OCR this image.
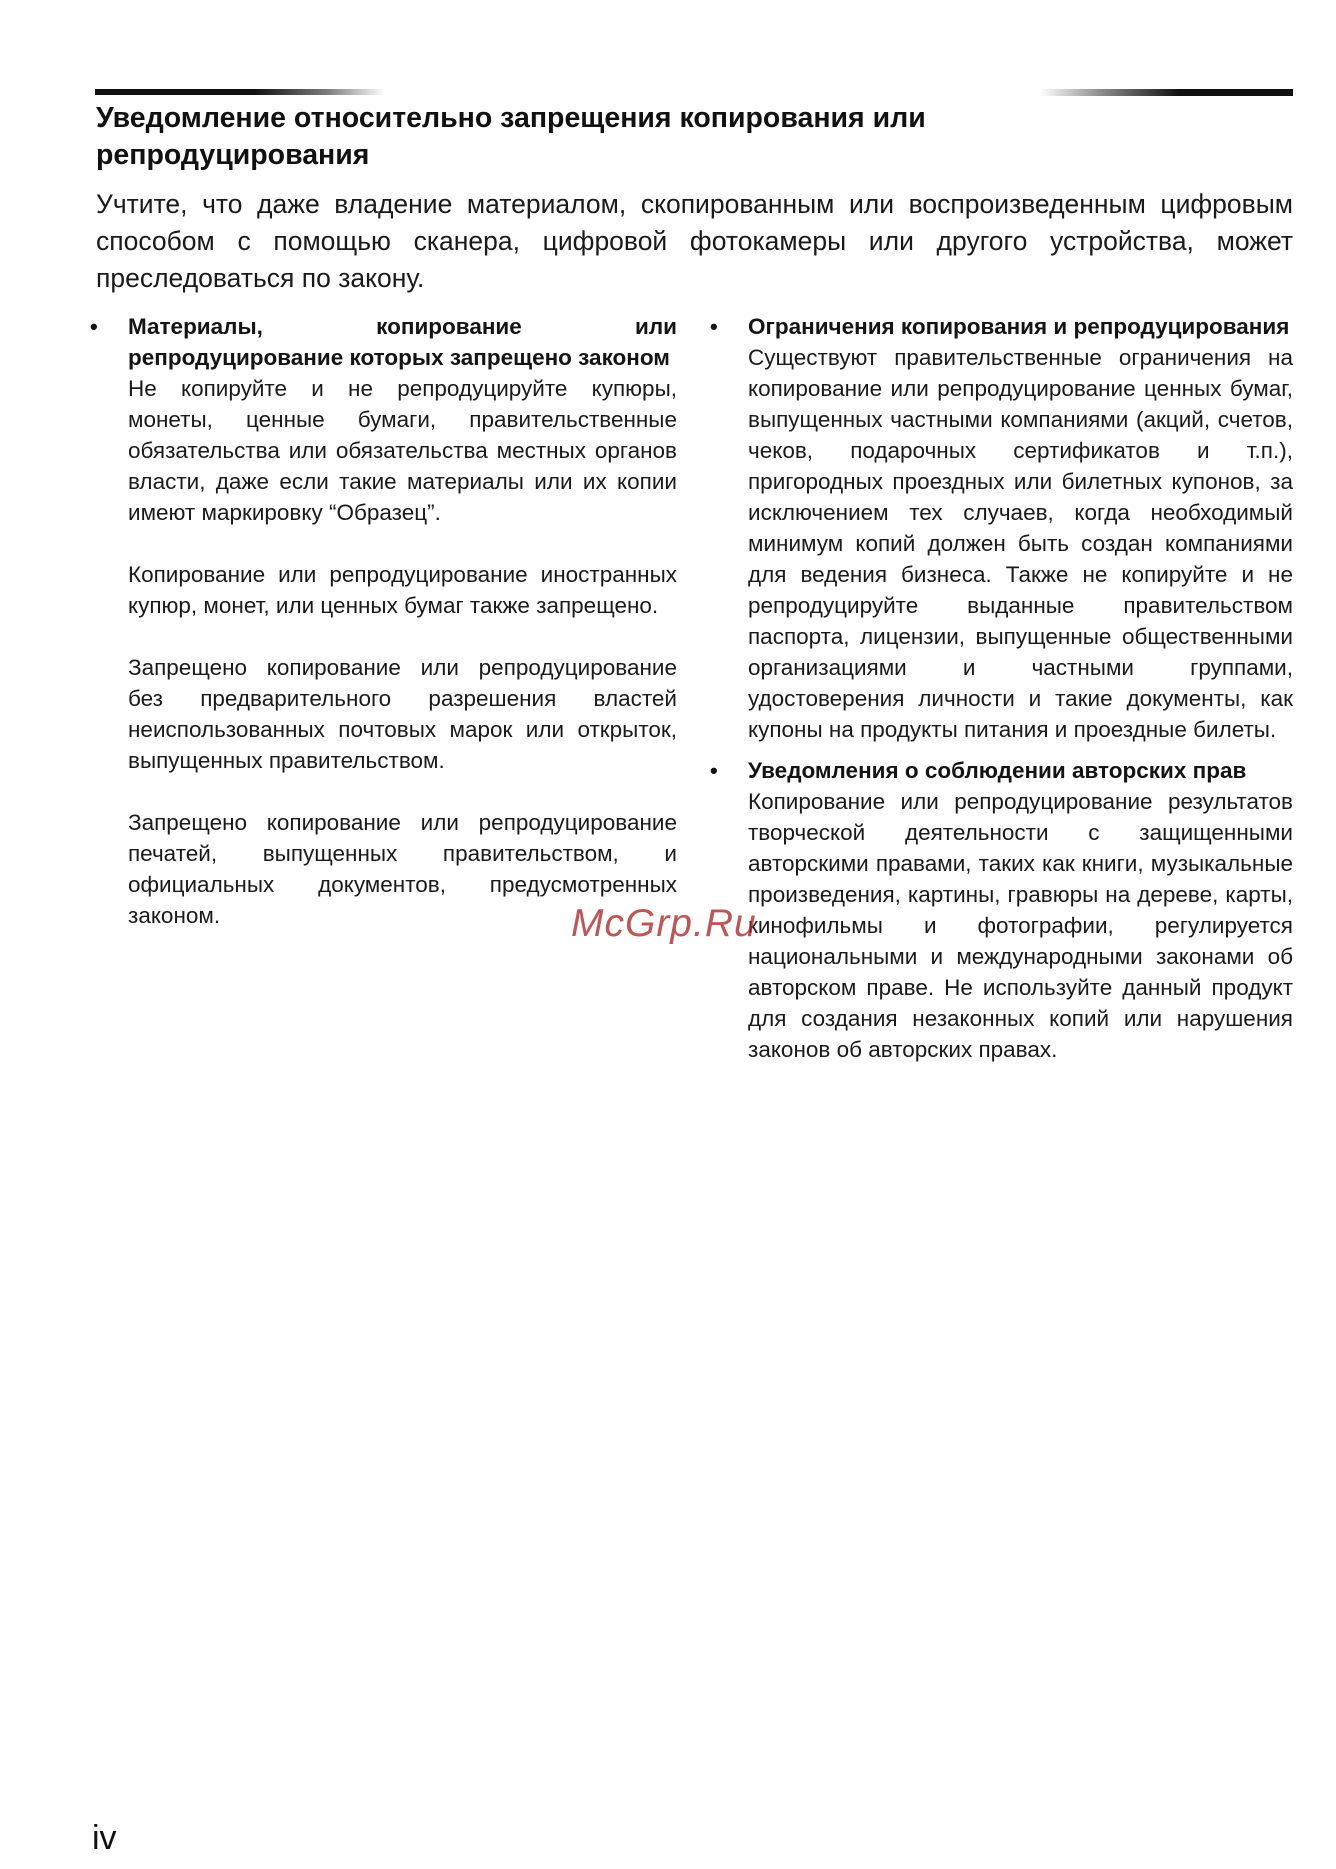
Уведомление относительно запрещения копирования или репродуцирования

Учтите, что даже владение материалом, скопированным или воспроизведенным цифровым способом с помощью сканера, цифровой фотокамеры или другого устройства, может преследоваться по закону.

• Материалы, копирование или репродуцирование которых запрещено законом

Не копируйте и не репродуцируйте купюры, монеты, ценные бумаги, правительственные обязательства или обязательства местных органов власти, даже если такие материалы или их копии имеют маркировку “Образец”.

Копирование или репродуцирование иностранных купюр, монет, или ценных бумаг также запрещено.

Запрещено копирование или репродуцирование без предварительного разрешения властей неиспользованных почтовых марок или открыток, выпущенных правительством.

Запрещено копирование или репродуцирование печатей, выпущенных правительством, и официальных документов, предусмотренных законом.

• Ограничения копирования и репродуцирования

Существуют правительственные ограничения на копирование или репродуцирование ценных бумаг, выпущенных частными компаниями (акций, счетов, чеков, подарочных сертификатов и т.п.), пригородных проездных или билетных купонов, за исключением тех случаев, когда необходимый минимум копий должен быть создан компаниями для ведения бизнеса. Также не копируйте и не репродуцируйте выданные правительством паспорта, лицензии, выпущенные общественными организациями и частными группами, удостоверения личности и такие документы, как купоны на продукты питания и проездные билеты.

• Уведомления о соблюдении авторских прав

Копирование или репродуцирование результатов творческой деятельности с защищенными авторскими правами, таких как книги, музыкальные произведения, картины, гравюры на дереве, карты, кинофильмы и фотографии, регулируется национальными и международными законами об авторском праве. Не используйте данный продукт для создания незаконных копий или нарушения законов об авторских правах.

McGrp.Ru
iv
